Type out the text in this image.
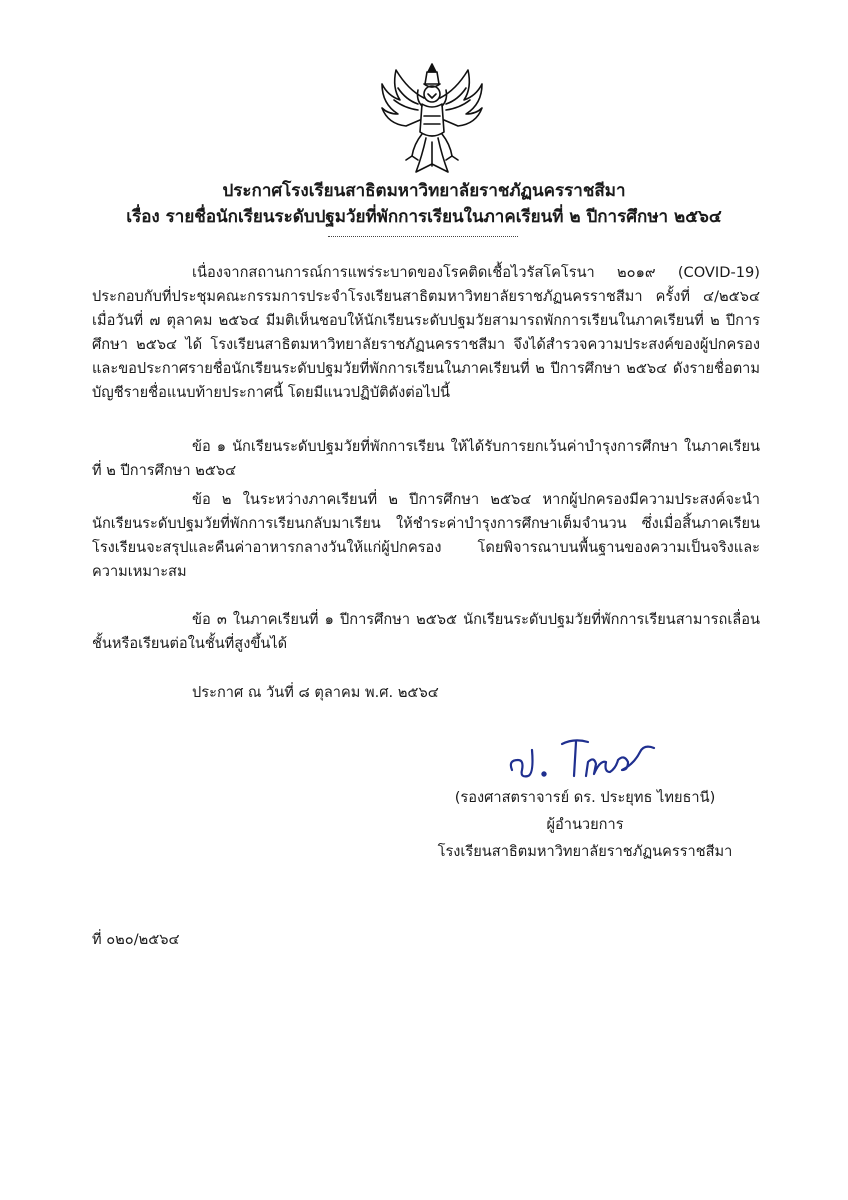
ประกาศโรงเรียนสาธิตมหาวิทยาลัยราชภัฏนครราชสีมา
เรื่อง รายชื่อนักเรียนระดับปฐมวัยที่พักการเรียนในภาคเรียนที่ ๒ ปีการศึกษา ๒๕๖๔
เนื่องจากสถานการณ์การแพร่ระบาดของโรคติดเชื้อไวรัสโคโรนา ๒๐๑๙ (COVID-19) ประกอบกับที่ประชุมคณะกรรมการประจำโรงเรียนสาธิตมหาวิทยาลัยราชภัฏนครราชสีมา ครั้งที่ ๔/๒๕๖๔ เมื่อวันที่ ๗ ตุลาคม ๒๕๖๔ มีมติเห็นชอบให้นักเรียนระดับปฐมวัยสามารถพักการเรียนในภาคเรียนที่ ๒ ปีการศึกษา ๒๕๖๔ ได้ โรงเรียนสาธิตมหาวิทยาลัยราชภัฏนครราชสีมา จึงได้สำรวจความประสงค์ของผู้ปกครองและขอประกาศรายชื่อนักเรียนระดับปฐมวัยที่พักการเรียนในภาคเรียนที่ ๒ ปีการศึกษา ๒๕๖๔ ดังรายชื่อตามบัญชีรายชื่อแนบท้ายประกาศนี้ โดยมีแนวปฏิบัติดังต่อไปนี้
ข้อ ๑ นักเรียนระดับปฐมวัยที่พักการเรียน ให้ได้รับการยกเว้นค่าบำรุงการศึกษา ในภาคเรียนที่ ๒ ปีการศึกษา ๒๕๖๔
ข้อ ๒ ในระหว่างภาคเรียนที่ ๒ ปีการศึกษา ๒๕๖๔ หากผู้ปกครองมีความประสงค์จะนำนักเรียนระดับปฐมวัยที่พักการเรียนกลับมาเรียน ให้ชำระค่าบำรุงการศึกษาเต็มจำนวน ซึ่งเมื่อสิ้นภาคเรียนโรงเรียนจะสรุปและคืนค่าอาหารกลางวันให้แก่ผู้ปกครอง โดยพิจารณาบนพื้นฐานของความเป็นจริงและความเหมาะสม
ข้อ ๓ ในภาคเรียนที่ ๑ ปีการศึกษา ๒๕๖๕ นักเรียนระดับปฐมวัยที่พักการเรียนสามารถเลื่อนชั้นหรือเรียนต่อในชั้นที่สูงขึ้นได้
ประกาศ ณ วันที่ ๘ ตุลาคม พ.ศ. ๒๕๖๔
(รองศาสตราจารย์ ดร. ประยุทธ ไทยธานี)
ผู้อำนวยการ
โรงเรียนสาธิตมหาวิทยาลัยราชภัฏนครราชสีมา
ที่ ๐๒๐/๒๕๖๔
